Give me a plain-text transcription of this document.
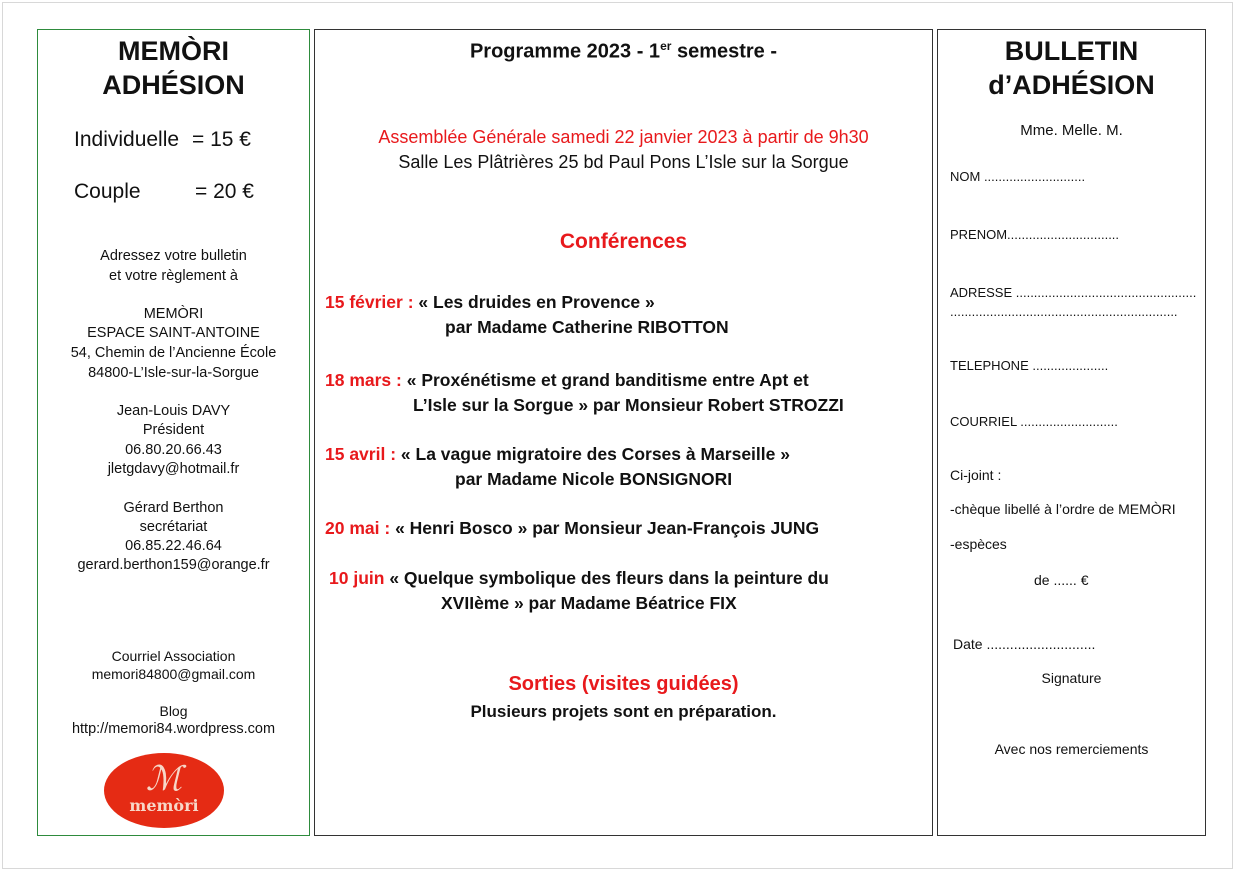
MEMÒRI
ADHÉSION
Individuelle = 15 €
Couple	= 20 €
Adressez votre bulletin
et votre règlement à
MEMÒRI
ESPACE SAINT-ANTOINE
54, Chemin de l’Ancienne École
84800-L’Isle-sur-la-Sorgue
Jean-Louis DAVY
Président
06.80.20.66.43
jletgdavy@hotmail.fr
Gérard Berthon
secrétariat
06.85.22.46.64
gerard.berthon159@orange.fr
Courriel Association
memori84800@gmail.com
Blog
http://memori84.wordpress.com
ℳ
memòri
Programme 2023 - 1er semestre -
Assemblée Générale samedi 22 janvier 2023 à partir de 9h30
Salle Les Plâtrières 25 bd Paul Pons L’Isle sur la Sorgue
Conférences
15 février : « Les druides en Provence »
par Madame Catherine RIBOTTON
18 mars : « Proxénétisme et grand banditisme entre Apt et
L’Isle sur la Sorgue » par Monsieur Robert STROZZI
15 avril : « La vague migratoire des Corses à Marseille »
par Madame Nicole BONSIGNORI
20 mai : « Henri Bosco » par Monsieur Jean-François JUNG
10 juin « Quelque symbolique des fleurs dans la peinture du
XVIIème » par Madame Béatrice FIX
Sorties (visites guidées)
Plusieurs projets sont en préparation.
BULLETIN
d’ADHÉSION
Mme. Melle. M.
NOM ............................
PRENOM...............................
ADRESSE ..................................................
...............................................................
TELEPHONE .....................
COURRIEL ...........................
Ci-joint :
-chèque libellé à l’ordre de MEMÒRI
-espèces
de ...... €
Date ............................
Signature
Avec nos remerciements
